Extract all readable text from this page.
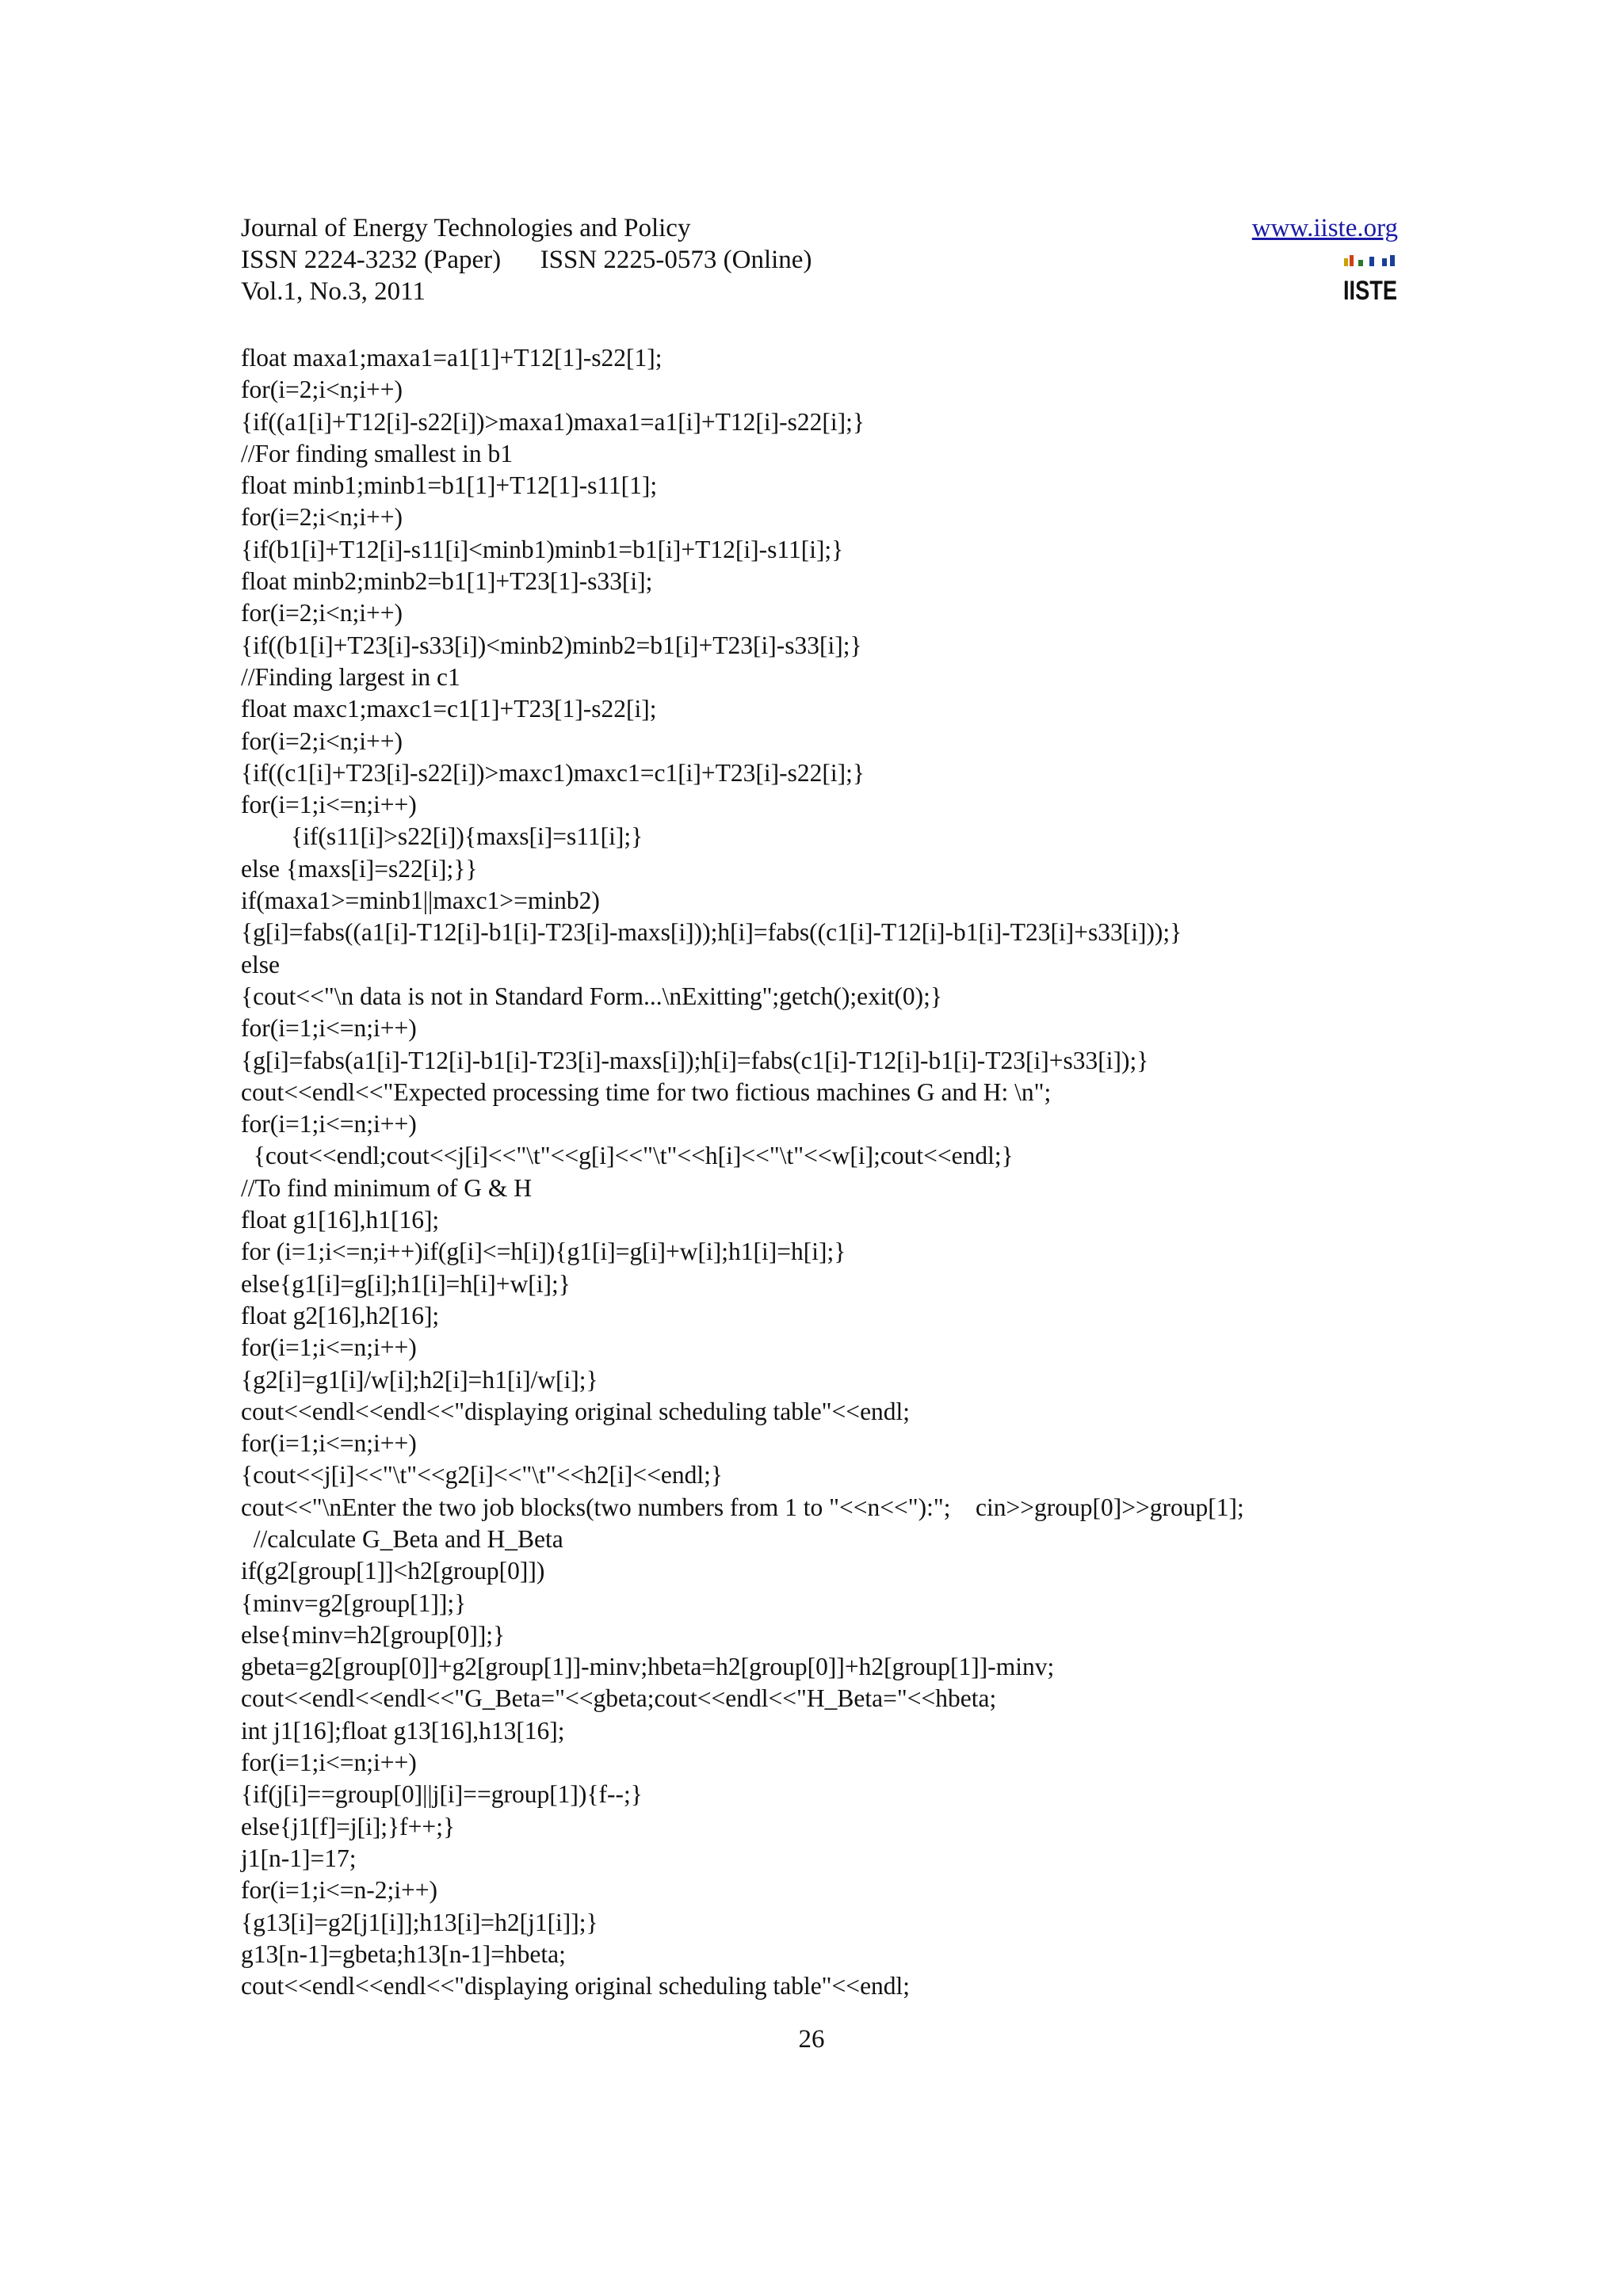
Journal of Energy Technologies and Policy
ISSN 2224-3232 (Paper)      ISSN 2225-0573 (Online)
Vol.1, No.3, 2011
www.iiste.org
IISTE
float maxa1;maxa1=a1[1]+T12[1]-s22[1];
for(i=2;i<n;i++)
{if((a1[i]+T12[i]-s22[i])>maxa1)maxa1=a1[i]+T12[i]-s22[i];}
//For finding smallest in b1
float minb1;minb1=b1[1]+T12[1]-s11[1];
for(i=2;i<n;i++)
{if(b1[i]+T12[i]-s11[i]<minb1)minb1=b1[i]+T12[i]-s11[i];}
float minb2;minb2=b1[1]+T23[1]-s33[i];
for(i=2;i<n;i++)
{if((b1[i]+T23[i]-s33[i])<minb2)minb2=b1[i]+T23[i]-s33[i];}
//Finding largest in c1
float maxc1;maxc1=c1[1]+T23[1]-s22[i];
for(i=2;i<n;i++)
{if((c1[i]+T23[i]-s22[i])>maxc1)maxc1=c1[i]+T23[i]-s22[i];}
for(i=1;i<=n;i++)
{if(s11[i]>s22[i]){maxs[i]=s11[i];}
else {maxs[i]=s22[i];}}
if(maxa1>=minb1||maxc1>=minb2)
{g[i]=fabs((a1[i]-T12[i]-b1[i]-T23[i]-maxs[i]));h[i]=fabs((c1[i]-T12[i]-b1[i]-T23[i]+s33[i]));}
else
{cout<<"\n data is not in Standard Form...\nExitting";getch();exit(0);}
for(i=1;i<=n;i++)
{g[i]=fabs(a1[i]-T12[i]-b1[i]-T23[i]-maxs[i]);h[i]=fabs(c1[i]-T12[i]-b1[i]-T23[i]+s33[i]);}
cout<<endl<<"Expected processing time for two fictious machines G and H: \n";
for(i=1;i<=n;i++)
{cout<<endl;cout<<j[i]<<"\t"<<g[i]<<"\t"<<h[i]<<"\t"<<w[i];cout<<endl;}
//To find minimum of G & H
float g1[16],h1[16];
for (i=1;i<=n;i++)if(g[i]<=h[i]){g1[i]=g[i]+w[i];h1[i]=h[i];}
else{g1[i]=g[i];h1[i]=h[i]+w[i];}
float g2[16],h2[16];
for(i=1;i<=n;i++)
{g2[i]=g1[i]/w[i];h2[i]=h1[i]/w[i];}
cout<<endl<<endl<<"displaying original scheduling table"<<endl;
for(i=1;i<=n;i++)
{cout<<j[i]<<"\t"<<g2[i]<<"\t"<<h2[i]<<endl;}
cout<<"\nEnter the two job blocks(two numbers from 1 to "<<n<<"):";    cin>>group[0]>>group[1];
//calculate G_Beta and H_Beta
if(g2[group[1]]<h2[group[0]])
{minv=g2[group[1]];}
else{minv=h2[group[0]];}
gbeta=g2[group[0]]+g2[group[1]]-minv;hbeta=h2[group[0]]+h2[group[1]]-minv;
cout<<endl<<endl<<"G_Beta="<<gbeta;cout<<endl<<"H_Beta="<<hbeta;
int j1[16];float g13[16],h13[16];
for(i=1;i<=n;i++)
{if(j[i]==group[0]||j[i]==group[1]){f--;}
else{j1[f]=j[i];}f++;}
j1[n-1]=17;
for(i=1;i<=n-2;i++)
{g13[i]=g2[j1[i]];h13[i]=h2[j1[i]];}
g13[n-1]=gbeta;h13[n-1]=hbeta;
cout<<endl<<endl<<"displaying original scheduling table"<<endl;
26
